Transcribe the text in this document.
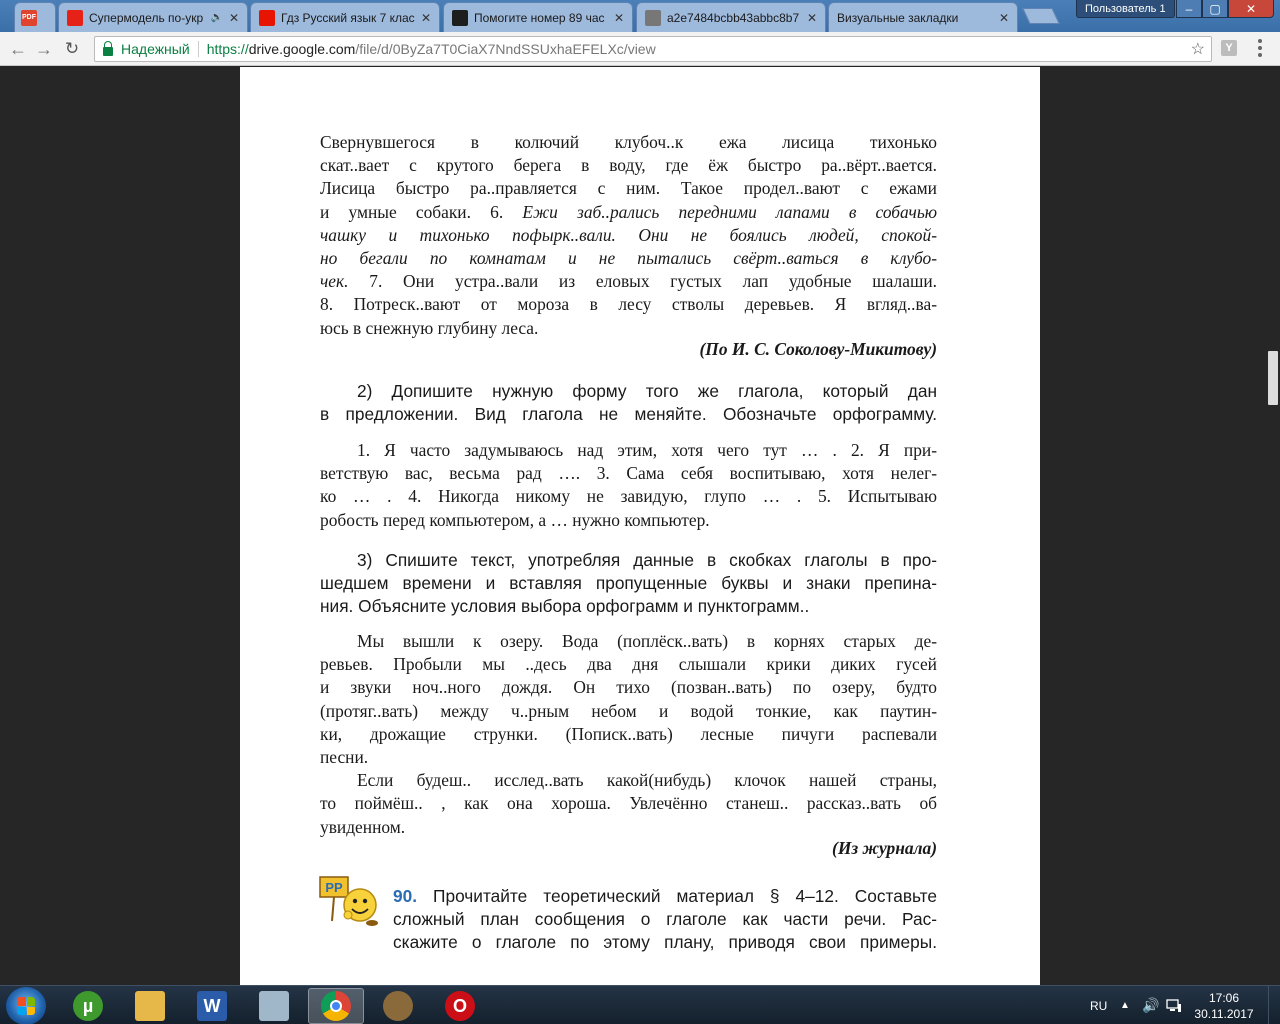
PDF	Супермодель по-укр 🔈 ✕	Гдз Русский язык 7 клас ✕	Помогите номер 89 час ✕	a2e7484bcbb43abbc8b7 ✕ Визуальные закладки	✕
Пользователь 1	–	▢	✕
← → ↻	Надежный https://drive.google.com/file/d/0ByZa7T0CiaX7NndSSUxhaEFELXc/view	☆	Y
Свернувшегося в колючий клубоч..к ежа лисица тихонько
скат..вает с крутого берега в воду, где ёж быстро ра..вёрт..вается.
Лисица быстро ра..правляется с ним. Такое продел..вают с ежами
и умные собаки. 6. Ежи заб..рались передними лапами в собачью
чашку и тихонько пофырк..вали. Они не боялись людей, спокой-
но бегали по комнатам и не пытались свёрт..ваться в клубо-
чек. 7. Они устра..вали из еловых густых лап удобные шалаши.
8. Потреск..вают от мороза в лесу стволы деревьев. Я вгляд..ва-
юсь в снежную глубину леса.
(По И. С. Соколову-Микитову)
2) Допишите нужную форму того же глагола, который дан
в предложении. Вид глагола не меняйте. Обозначьте орфограмму.
1. Я часто задумываюсь над этим, хотя чего тут … . 2. Я при-
ветствую вас, весьма рад …. 3. Сама себя воспитываю, хотя нелег-
ко … . 4. Никогда никому не завидую, глупо … . 5. Испытываю
робость перед компьютером, а … нужно компьютер.
3) Спишите текст, употребляя данные в скобках глаголы в про-
шедшем времени и вставляя пропущенные буквы и знаки препина-
ния. Объясните условия выбора орфограмм и пунктограмм..
Мы вышли к озеру. Вода (поплёск..вать) в корнях старых де-
ревьев. Пробыли мы ..десь два дня слышали крики диких гусей
и звуки ноч..ного дождя. Он тихо (позван..вать) по озеру, будто
(протяг..вать) между ч..рным небом и водой тонкие, как паутин-
ки, дрожащие струнки. (Пописк..вать) лесные пичуги распевали
песни.
Если будеш.. исслед..вать какой(нибудь) клочок нашей страны,
то поймёш.. , как она хороша. Увлечённо станеш.. рассказ..вать об
увиденном.
(Из журнала)
PP	90. Прочитайте теоретический материал § 4–12. Составьте
сложный план сообщения о глаголе как части речи. Рас-
скажите о глаголе по этому плану, приводя свои примеры.
µ	W	O	RU ▲ 🔊	17:06
30.11.2017
